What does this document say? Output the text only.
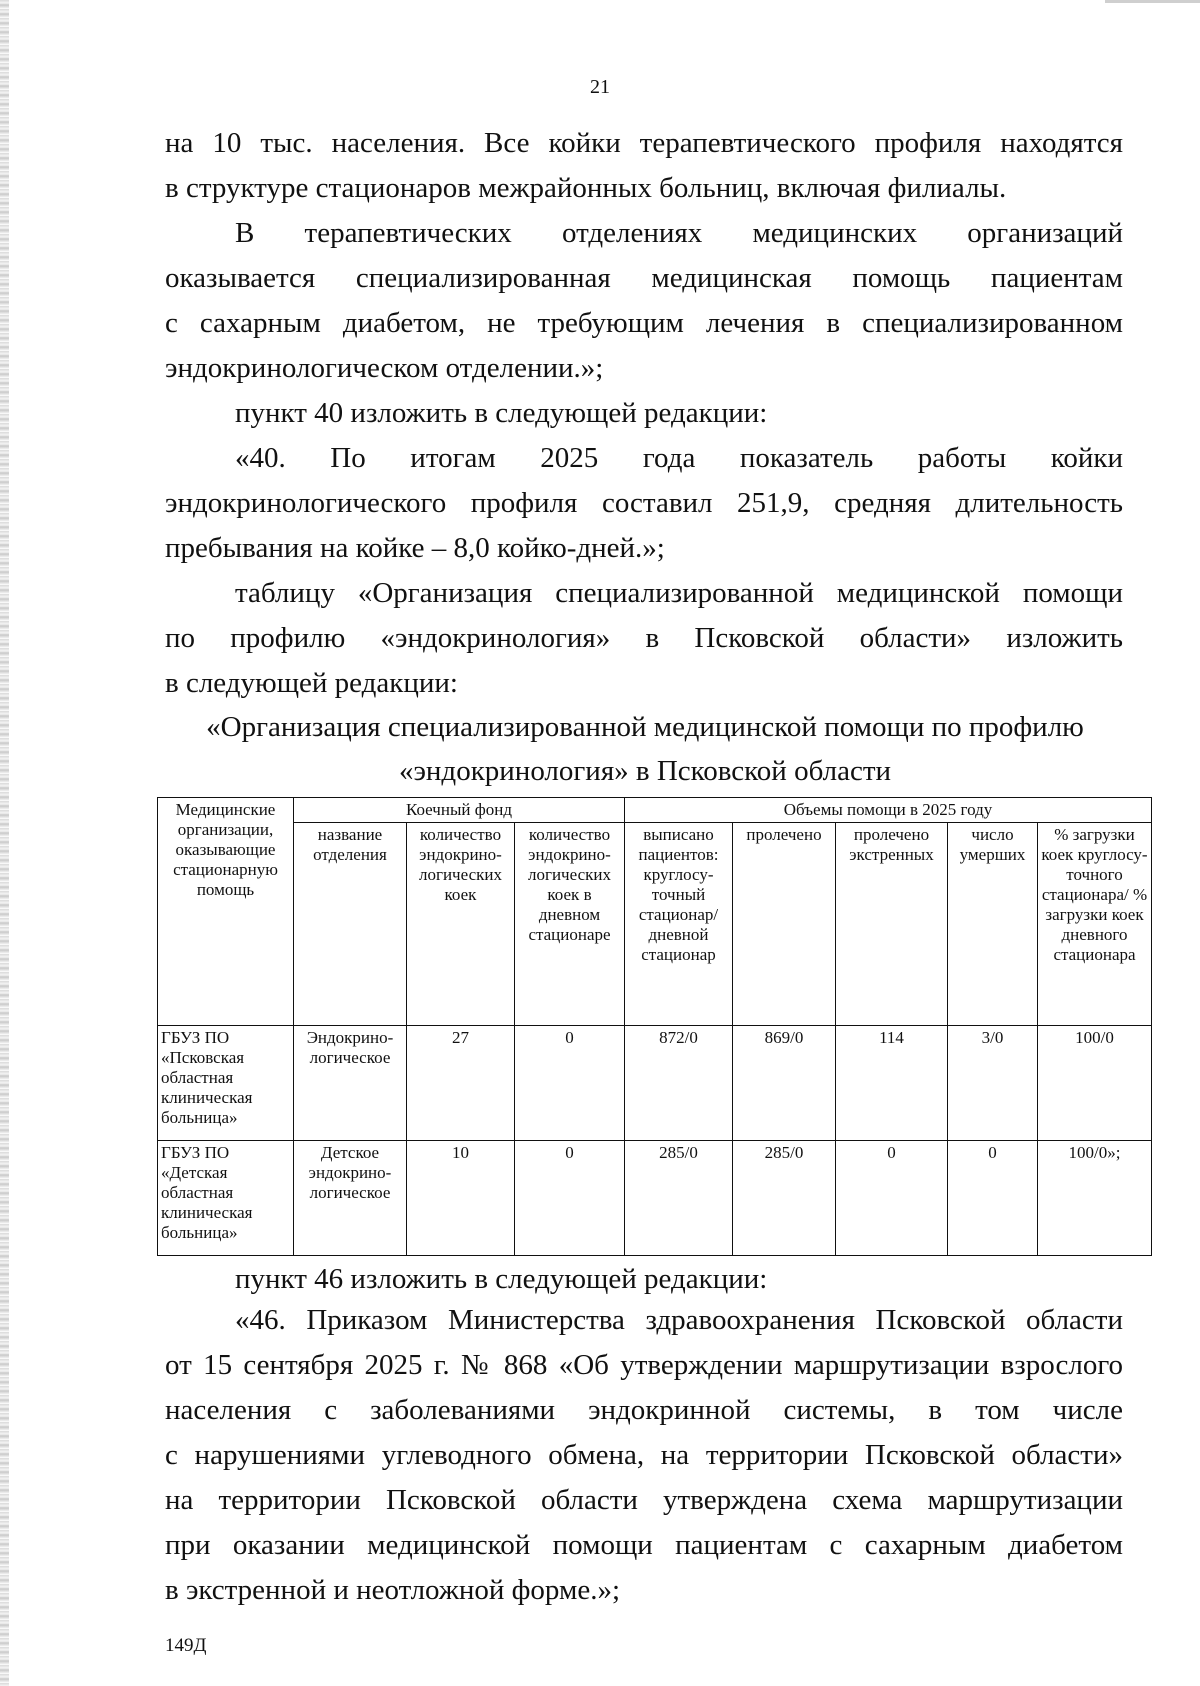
21
на 10 тыс. населения. Все койки терапевтического профиля находятся
в структуре стационаров межрайонных больниц, включая филиалы.
В терапевтических отделениях медицинских организаций
оказывается специализированная медицинская помощь пациентам
с сахарным диабетом, не требующим лечения в специализированном
эндокринологическом отделении.»;
пункт 40 изложить в следующей редакции:
«40. По итогам 2025 года показатель работы койки
эндокринологического профиля составил 251,9, средняя длительность
пребывания на койке – 8,0 койко-дней.»;
таблицу «Организация специализированной медицинской помощи
по профилю «эндокринология» в Псковской области» изложить
в следующей редакции:
«Организация специализированной медицинской помощи по профилю
«эндокринология» в Псковской области
Медицинские организации, оказывающие стационарную помощь	Коечный фонд			Объемы помощи в 2025 году				
	название отделения	количество эндокрино-логических коек	количество эндокрино-логических коек в дневном стационаре	выписано пациентов: круглосу-точный стационар/ дневной стационар	пролечено	пролечено экстренных	число умерших	% загрузки коек круглосу-точного стационара/ % загрузки коек дневного стационара
ГБУЗ ПО «Псковская областная клиническая больница»	Эндокрино-логическое	27	0	872/0	869/0	114	3/0	100/0
ГБУЗ ПО «Детская областная клиническая больница»	Детское эндокрино-логическое	10	0	285/0	285/0	0	0	100/0»;
пункт 46 изложить в следующей редакции:
«46. Приказом Министерства здравоохранения Псковской области
от 15 сентября 2025 г. № 868 «Об утверждении маршрутизации взрослого
населения с заболеваниями эндокринной системы, в том числе
с нарушениями углеводного обмена, на территории Псковской области»
на территории Псковской области утверждена схема маршрутизации
при оказании медицинской помощи пациентам с сахарным диабетом
в экстренной и неотложной форме.»;
149Д
